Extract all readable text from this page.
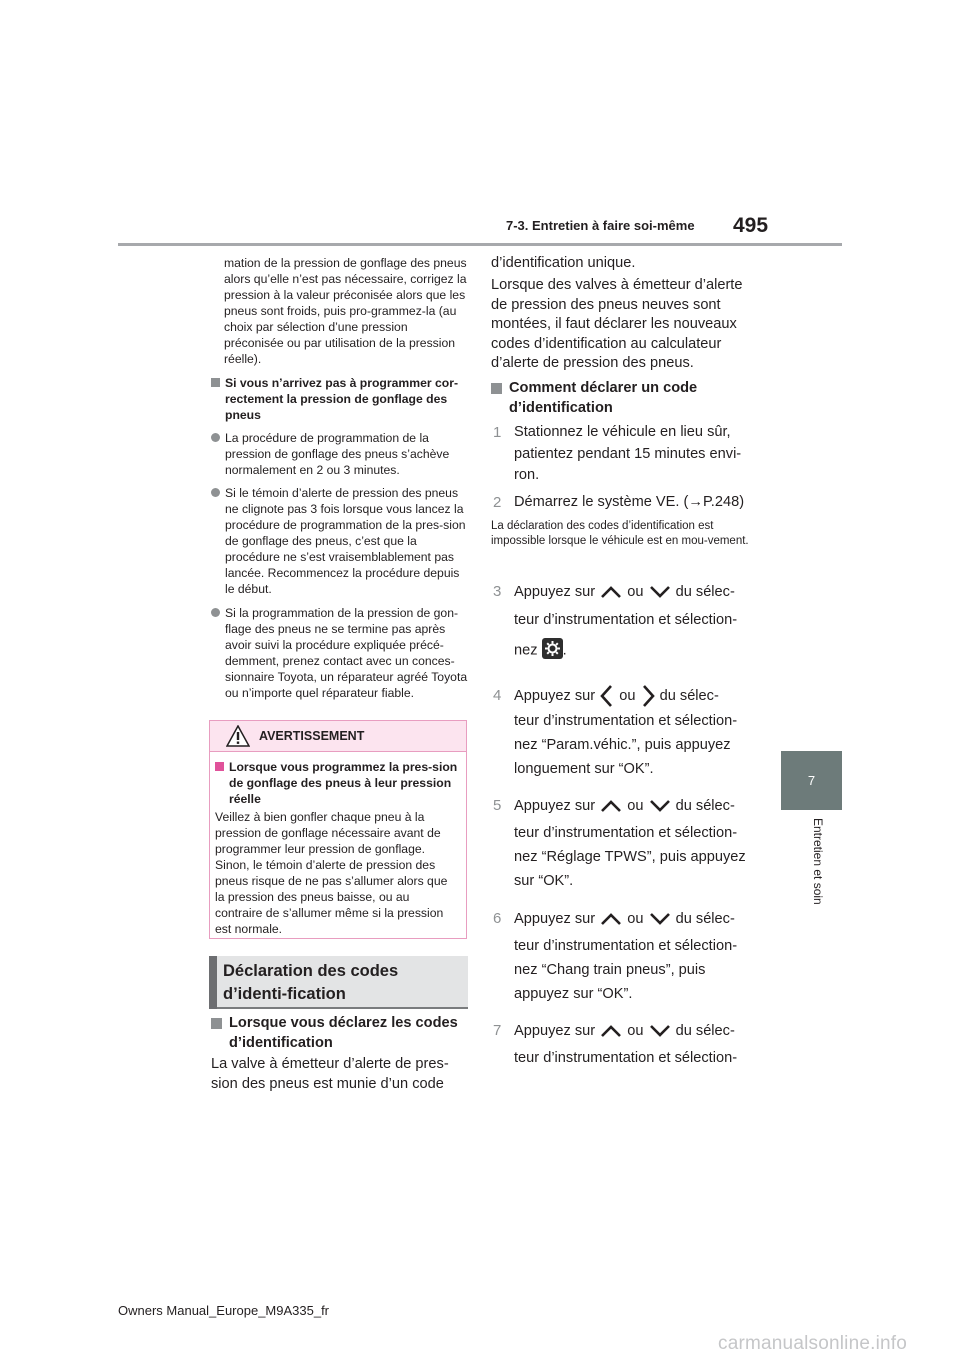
7-3. Entretien à faire soi-même 495
7
Entretien et soin
mation de la pression de gonflage des pneus alors qu’elle n’est pas nécessaire, corrigez la pression à la valeur préconisée alors que les pneus sont froids, puis pro-grammez-la (au choix par sélection d’une pression préconisée ou par utilisation de la pression réelle).
Si vous n’arrivez pas à programmer cor-rectement la pression de gonflage des pneus
La procédure de programmation de la pression de gonflage des pneus s’achève normalement en 2 ou 3 minutes.
Si le témoin d’alerte de pression des pneus ne clignote pas 3 fois lorsque vous lancez la procédure de programmation de la pres-sion de gonflage des pneus, c’est que la procédure ne s’est vraisemblablement pas lancée. Recommencez la procédure depuis le début.
Si la programmation de la pression de gon-flage des pneus ne se termine pas après avoir suivi la procédure expliquée précé-demment, prenez contact avec un conces-sionnaire Toyota, un réparateur agréé Toyota ou n’importe quel réparateur fiable.
AVERTISSEMENT
Lorsque vous programmez la pres-sion de gonflage des pneus à leur pression réelle
Veillez à bien gonfler chaque pneu à la pression de gonflage nécessaire avant de programmer leur pression de gonflage. Sinon, le témoin d’alerte de pression des pneus risque de ne pas s’allumer alors que la pression des pneus baisse, ou au contraire de s’allumer même si la pression est normale.
Déclaration des codes d’identi-fication
Lorsque vous déclarez les codes d’identification
La valve à émetteur d’alerte de pres-sion des pneus est munie d’un code
d’identification unique.
Lorsque des valves à émetteur d’alerte de pression des pneus neuves sont montées, il faut déclarer les nouveaux codes d’identification au calculateur d’alerte de pression des pneus.
Comment déclarer un code d’identification
1 Stationnez le véhicule en lieu sûr, patientez pendant 15 minutes envi-ron.
2 Démarrez le système VE. (→P.248)
La déclaration des codes d’identification est impossible lorsque le véhicule est en mou-vement.
3 Appuyez sur ou du sélec-
teur d’instrumentation et sélection-
nez .
4 Appuyez sur ou du sélec-
teur d’instrumentation et sélection-
nez “Param.véhic.”, puis appuyez
longuement sur “OK”.
5 Appuyez sur ou du sélec-
teur d’instrumentation et sélection-
nez “Réglage TPWS”, puis appuyez
sur “OK”.
6 Appuyez sur ou du sélec-
teur d’instrumentation et sélection-
nez “Chang train pneus”, puis
appuyez sur “OK”.
7 Appuyez sur ou du sélec-
teur d’instrumentation et sélection-
Owners Manual_Europe_M9A335_fr
carmanualsonline.info
